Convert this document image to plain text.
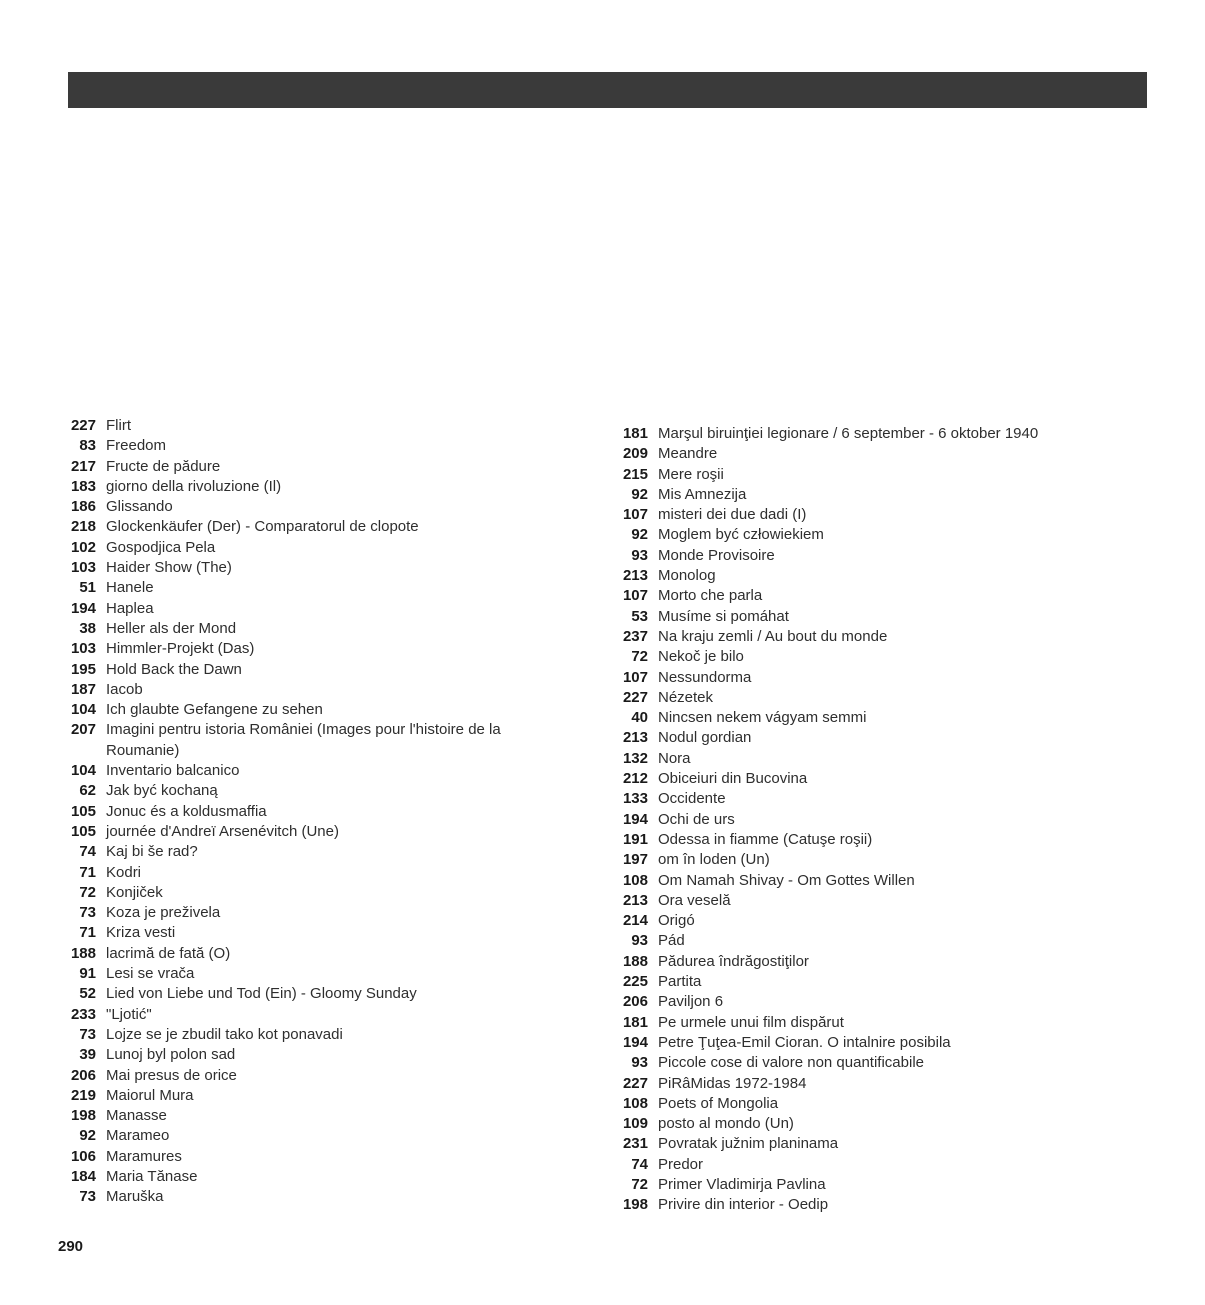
227 Flirt
83 Freedom
217 Fructe de pădure
183 giorno della rivoluzione (Il)
186 Glissando
218 Glockenkäufer (Der) - Comparatorul de clopote
102 Gospodjica Pela
103 Haider Show (The)
51 Hanele
194 Haplea
38 Heller als der Mond
103 Himmler-Projekt (Das)
195 Hold Back the Dawn
187 Iacob
104 Ich glaubte Gefangene zu sehen
207 Imagini pentru istoria României (Images pour l'histoire de la Roumanie)
104 Inventario balcanico
62 Jak być kochaną
105 Jonuc és a koldusmaffia
105 journée d'Andreï Arsenévitch (Une)
74 Kaj bi še rad?
71 Kodri
72 Konjiček
73 Koza je preživela
71 Kriza vesti
188 lacrimă de fată (O)
91 Lesi se vrača
52 Lied von Liebe und Tod (Ein) - Gloomy Sunday
233 "Ljotić"
73 Lojze se je zbudil tako kot ponavadi
39 Lunoj byl polon sad
206 Mai presus de orice
219 Maiorul Mura
198 Manasse
92 Marameo
106 Maramures
184 Maria Tănase
73 Maruška
181 Marşul biruinţiei legionare / 6 september - 6 oktober 1940
209 Meandre
215 Mere roşii
92 Mis Amnezija
107 misteri dei due dadi (I)
92 Moglem być człowiekiem
93 Monde Provisoire
213 Monolog
107 Morto che parla
53 Musíme si pomáhat
237 Na kraju zemli / Au bout du monde
72 Nekoč je bilo
107 Nessundorma
227 Nézetek
40 Nincsen nekem vágyam semmi
213 Nodul gordian
132 Nora
212 Obiceiuri din Bucovina
133 Occidente
194 Ochi de urs
191 Odessa in fiamme (Catuşe roşii)
197 om în loden (Un)
108 Om Namah Shivay - Om Gottes Willen
213 Ora veselă
214 Origó
93 Pád
188 Pădurea îndrăgostiţilor
225 Partita
206 Paviljon 6
181 Pe urmele unui film dispărut
194 Petre Ţuţea-Emil Cioran. O intalnire posibila
93 Piccole cose di valore non quantificabile
227 PiRâMidas 1972-1984
108 Poets of Mongolia
109 posto al mondo (Un)
231 Povratak južnim planinama
74 Predor
72 Primer Vladimirja Pavlina
198 Privire din interior - Oedip
290
